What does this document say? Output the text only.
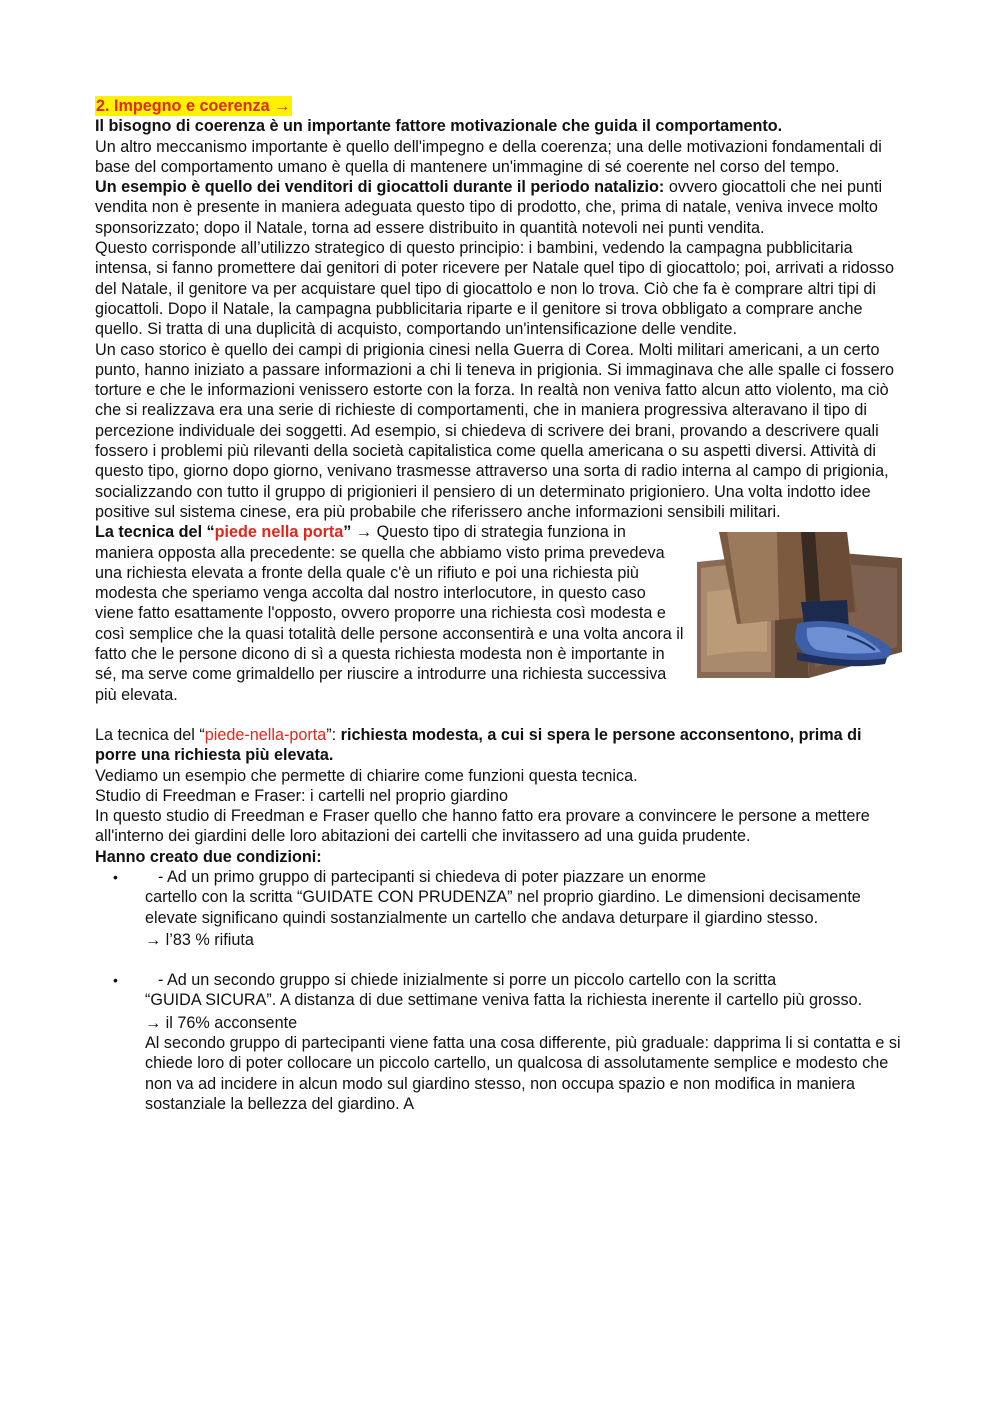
2. Impegno e coerenza →

Il bisogno di coerenza è un importante fattore motivazionale che guida il comportamento.

Un altro meccanismo importante è quello dell'impegno e della coerenza; una delle motivazioni fondamentali di base del comportamento umano è quella di mantenere un'immagine di sé coerente nel corso del tempo.

Un esempio è quello dei venditori di giocattoli durante il periodo natalizio: ovvero giocattoli che nei punti vendita non è presente in maniera adeguata questo tipo di prodotto, che, prima di natale, veniva invece molto sponsorizzato; dopo il Natale, torna ad essere distribuito in quantità notevoli nei punti vendita.

Questo corrisponde all’utilizzo strategico di questo principio: i bambini, vedendo la campagna pubblicitaria intensa, si fanno promettere dai genitori di poter ricevere per Natale quel tipo di giocattolo; poi, arrivati a ridosso del Natale, il genitore va per acquistare quel tipo di giocattolo e non lo trova. Ciò che fa è comprare altri tipi di giocattoli. Dopo il Natale, la campagna pubblicitaria riparte e il genitore si trova obbligato a comprare anche quello. Si tratta di una duplicità di acquisto, comportando un'intensificazione delle vendite.

Un caso storico è quello dei campi di prigionia cinesi nella Guerra di Corea. Molti militari americani, a un certo punto, hanno iniziato a passare informazioni a chi li teneva in prigionia. Si immaginava che alle spalle ci fossero torture e che le informazioni venissero estorte con la forza. In realtà non veniva fatto alcun atto violento, ma ciò che si realizzava era una serie di richieste di comportamenti, che in maniera progressiva alteravano il tipo di percezione individuale dei soggetti. Ad esempio, si chiedeva di scrivere dei brani, provando a descrivere quali fossero i problemi più rilevanti della società capitalistica come quella americana o su aspetti diversi. Attività di questo tipo, giorno dopo giorno, venivano trasmesse attraverso una sorta di radio interna al campo di prigionia, socializzando con tutto il gruppo di prigionieri il pensiero di un determinato prigioniero. Una volta indotto idee positive sul sistema cinese, era più probabile che riferissero anche informazioni sensibili militari.

La tecnica del “piede nella porta” → Questo tipo di strategia funziona in maniera opposta alla precedente: se quella che abbiamo visto prima prevedeva una richiesta elevata a fronte della quale c'è un rifiuto e poi una richiesta più modesta che speriamo venga accolta dal nostro interlocutore, in questo caso viene fatto esattamente l'opposto, ovvero proporre una richiesta così modesta e così semplice che la quasi totalità delle persone acconsentirà e una volta ancora il fatto che le persone dicono di sì a questa richiesta modesta non è importante in sé, ma serve come grimaldello per riuscire a introdurre una richiesta successiva più elevata.

La tecnica del “piede-nella-porta”: richiesta modesta, a cui si spera le persone acconsentono, prima di porre una richiesta più elevata.

Vediamo un esempio che permette di chiarire come funzioni questa tecnica.

Studio di Freedman e Fraser: i cartelli nel proprio giardino

In questo studio di Freedman e Fraser quello che hanno fatto era provare a convincere le persone a mettere all'interno dei giardini delle loro abitazioni dei cartelli che invitassero ad una guida prudente.

Hanno creato due condizioni:

•	- Ad un primo gruppo di partecipanti si chiedeva di poter piazzare un enorme
cartello con la scritta “GUIDATE CON PRUDENZA” nel proprio giardino. Le dimensioni decisamente elevate significano quindi sostanzialmente un cartello che andava deturpare il giardino stesso.
→ l’83 % rifiuta
•	- Ad un secondo gruppo si chiede inizialmente si porre un piccolo cartello con la scritta
“GUIDA SICURA”. A distanza di due settimane veniva fatta la richiesta inerente il cartello più grosso.
→ il 76% acconsente
Al secondo gruppo di partecipanti viene fatta una cosa differente, più graduale: dapprima li si contatta e si chiede loro di poter collocare un piccolo cartello, un qualcosa di assolutamente semplice e modesto che non va ad incidere in alcun modo sul giardino stesso, non occupa spazio e non modifica in maniera sostanziale la bellezza del giardino. A
